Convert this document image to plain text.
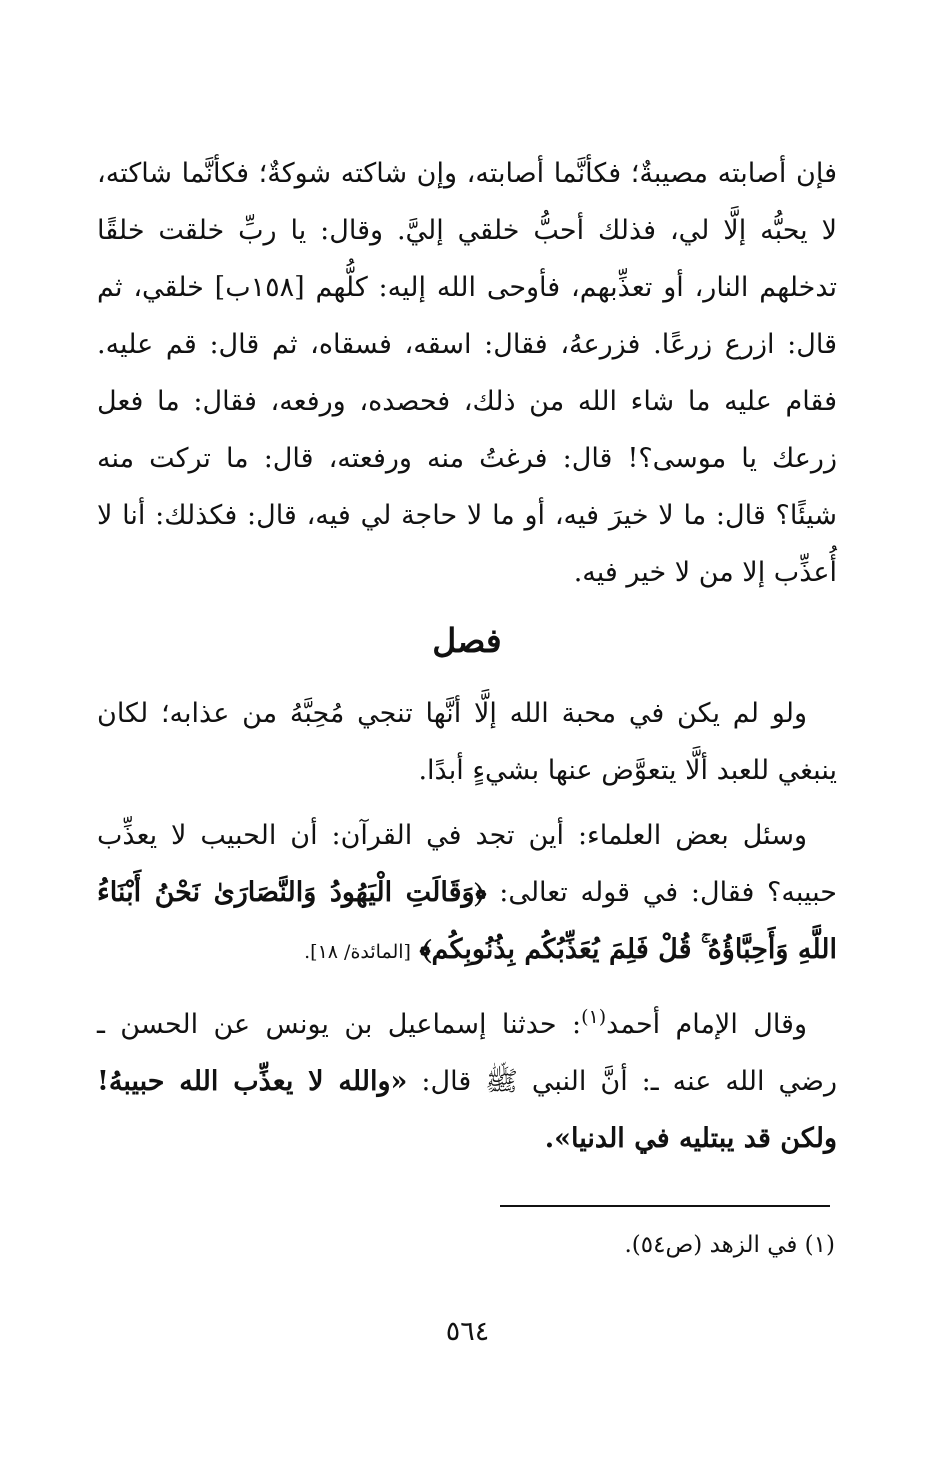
فإن أصابته مصيبةٌ؛ فكأنَّما أصابته، وإن شاكته شوكةٌ؛ فكأنَّما شاكته، لا يحبُّه إلَّا لي، فذلك أحبُّ خلقي إليَّ. وقال: يا ربِّ خلقت خلقًا تدخلهم النار، أو تعذِّبهم، فأوحى الله إليه: كلُّهم [١٥٨ب] خلقي، ثم قال: ازرع زرعًا. فزرعهُ، فقال: اسقه، فسقاه، ثم قال: قم عليه. فقام عليه ما شاء الله من ذلك، فحصده، ورفعه، فقال: ما فعل زرعك يا موسى؟! قال: فرغتُ منه ورفعته، قال: ما تركت منه شيئًا؟ قال: ما لا خيرَ فيه، أو ما لا حاجة لي فيه، قال: فكذلك: أنا لا أُعذِّب إلا من لا خير فيه.

فصل

ولو لم يكن في محبة الله إلَّا أنَّها تنجي مُحِبَّهُ من عذابه؛ لكان ينبغي للعبد ألَّا يتعوَّض عنها بشيءٍ أبدًا.

وسئل بعض العلماء: أين تجد في القرآن: أن الحبيب لا يعذِّب حبيبه؟ فقال: في قوله تعالى: ﴿وَقَالَتِ الْيَهُودُ وَالنَّصَارَىٰ نَحْنُ أَبْنَاءُ اللَّهِ وَأَحِبَّاؤُهُ ۚ قُلْ فَلِمَ يُعَذِّبُكُم بِذُنُوبِكُم﴾ [المائدة/ ١٨].

وقال الإمام أحمد$^{(١)}$: حدثنا إسماعيل بن يونس عن الحسن ـ رضي الله عنه ـ: أنَّ النبي ﷺ قال: «والله لا يعذِّب الله حبيبهُ! ولكن قد يبتليه في الدنيا».

(١) في الزهد (ص٥٤).

٥٦٤
